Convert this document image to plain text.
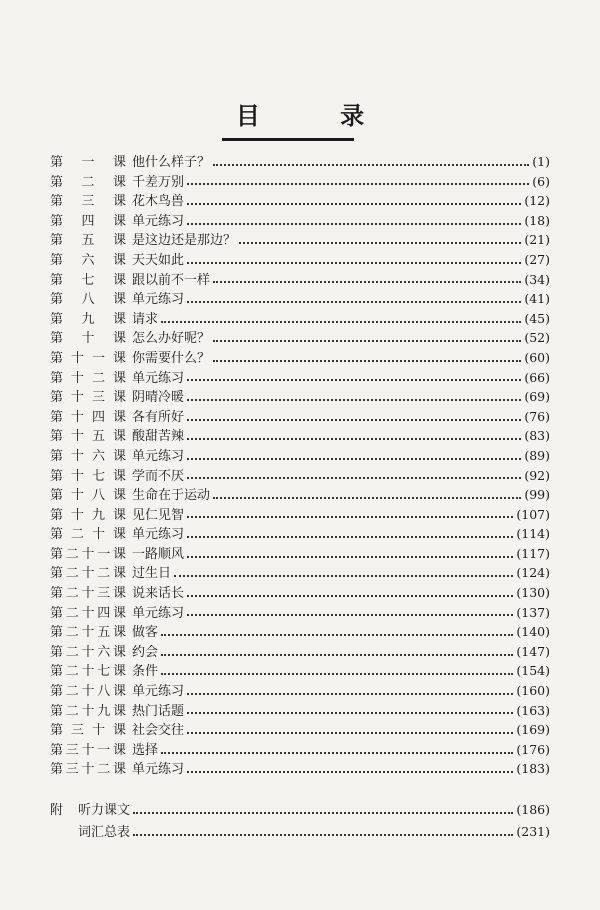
目 录
第 一 课 他什么样子？	(1)
第 二 课 千差万别	(6)
第 三 课 花木鸟兽	(12)
第 四 课 单元练习	(18)
第 五 课 是这边还是那边？	(21)
第 六 课 天天如此	(27)
第 七 课 跟以前不一样	(34)
第 八 课 单元练习	(41)
第 九 课 请求	(45)
第 十 课 怎么办好呢？	(52)
第 十 一 课 你需要什么？	(60)
第 十 二 课 单元练习	(66)
第 十 三 课 阴晴冷暖	(69)
第 十 四 课 各有所好	(76)
第 十 五 课 酸甜苦辣	(83)
第 十 六 课 单元练习	(89)
第 十 七 课 学而不厌	(92)
第 十 八 课 生命在于运动	(99)
第 十 九 课 见仁见智	(107)
第 二 十 课 单元练习	(114)
第 二 十 一 课 一路顺风	(117)
第 二 十 二 课 过生日	(124)
第 二 十 三 课 说来话长	(130)
第 二 十 四 课 单元练习	(137)
第 二 十 五 课 做客	(140)
第 二 十 六 课 约会	(147)
第 二 十 七 课 条件	(154)
第 二 十 八 课 单元练习	(160)
第 二 十 九 课 热门话题	(163)
第 三 十 课 社会交往	(169)
第 三 十 一 课 选择	(176)
第 三 十 二 课 单元练习	(183)
附	听力课文	(186)
词汇总表	(231)
